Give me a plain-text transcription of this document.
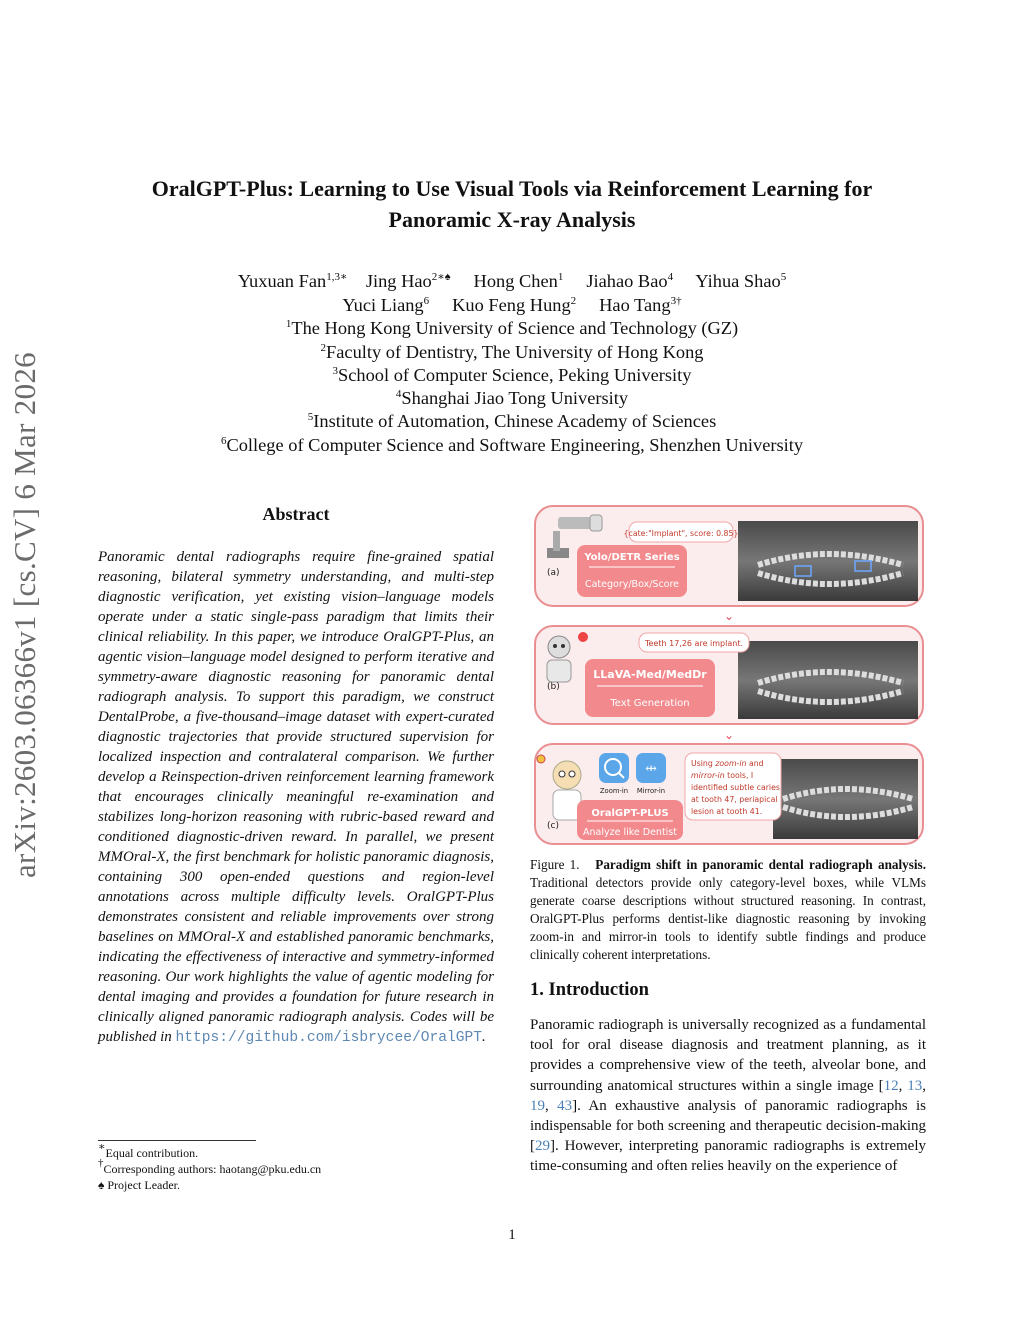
arXiv:2603.06366v1 [cs.CV] 6 Mar 2026
OralGPT-Plus: Learning to Use Visual Tools via Reinforcement Learning for
Panoramic X-ray Analysis
Yuxuan Fan$^{1,3∗}$ Jing Hao$^{2∗♠}$ Hong Chen$^1$ Jiahao Bao$^4$ Yihua Shao$^5$
Yuci Liang$^6$ Kuo Feng Hung$^2$ Hao Tang$^{3\dagger}$
$^1$The Hong Kong University of Science and Technology (GZ)
$^2$Faculty of Dentistry, The University of Hong Kong
$^3$School of Computer Science, Peking University
$^4$Shanghai Jiao Tong University
$^5$Institute of Automation, Chinese Academy of Sciences
$^6$College of Computer Science and Software Engineering, Shenzhen University
Abstract
Panoramic dental radiographs require fine-grained spatial reasoning, bilateral symmetry understanding, and multi-step diagnostic verification, yet existing vision–language models operate under a static single-pass paradigm that limits their clinical reliability. In this paper, we introduce OralGPT-Plus, an agentic vision–language model designed to perform iterative and symmetry-aware diagnostic reasoning for panoramic dental radiograph analysis. To support this paradigm, we construct DentalProbe, a five-thousand–image dataset with expert-curated diagnostic trajectories that provide structured supervision for localized inspection and contralateral comparison. We further develop a Reinspection-driven reinforcement learning framework that encourages clinically meaningful re-examination and stabilizes long-horizon reasoning with rubric-based reward and conditioned diagnostic-driven reward. In parallel, we present MMOral-X, the first benchmark for holistic panoramic diagnosis, containing 300 open-ended questions and region-level annotations across multiple difficulty levels. OralGPT-Plus demonstrates consistent and reliable improvements over strong baselines on MMOral-X and established panoramic benchmarks, indicating the effectiveness of interactive and symmetry-informed reasoning. Our work highlights the value of agentic modeling for dental imaging and provides a foundation for future research in clinically aligned panoramic radiograph analysis. Codes will be published in https://github.com/isbrycee/OralGPT.
∗Equal contribution.
†Corresponding authors: haotang@pku.edu.cn
♠ Project Leader.
(a)
{cate:"Implant", score: 0.85}
Yolo/DETR Series
Category/Box/Score
⌄
(b)
Teeth 17,26 are implant.
LLaVA-Med/MedDr
Text Generation
⌄
(c)
⇹
Zoom-in Mirror-in
Using zoom-in and
mirror-in tools, I
identified subtle caries
at tooth 47, periapical
lesion at tooth 41.
OralGPT-PLUS
Analyze like Dentist
Figure 1. Paradigm shift in panoramic dental radiograph analysis. Traditional detectors provide only category-level boxes, while VLMs generate coarse descriptions without structured reasoning. In contrast, OralGPT-Plus performs dentist-like diagnostic reasoning by invoking zoom-in and mirror-in tools to identify subtle findings and produce clinically coherent interpretations.
1. Introduction
Panoramic radiograph is universally recognized as a fundamental tool for oral disease diagnosis and treatment planning, as it provides a comprehensive view of the teeth, alveolar bone, and surrounding anatomical structures within a single image [12, 13, 19, 43]. An exhaustive analysis of panoramic radiographs is indispensable for both screening and therapeutic decision-making [29]. However, interpreting panoramic radiographs is extremely time-consuming and often relies heavily on the experience of
1
